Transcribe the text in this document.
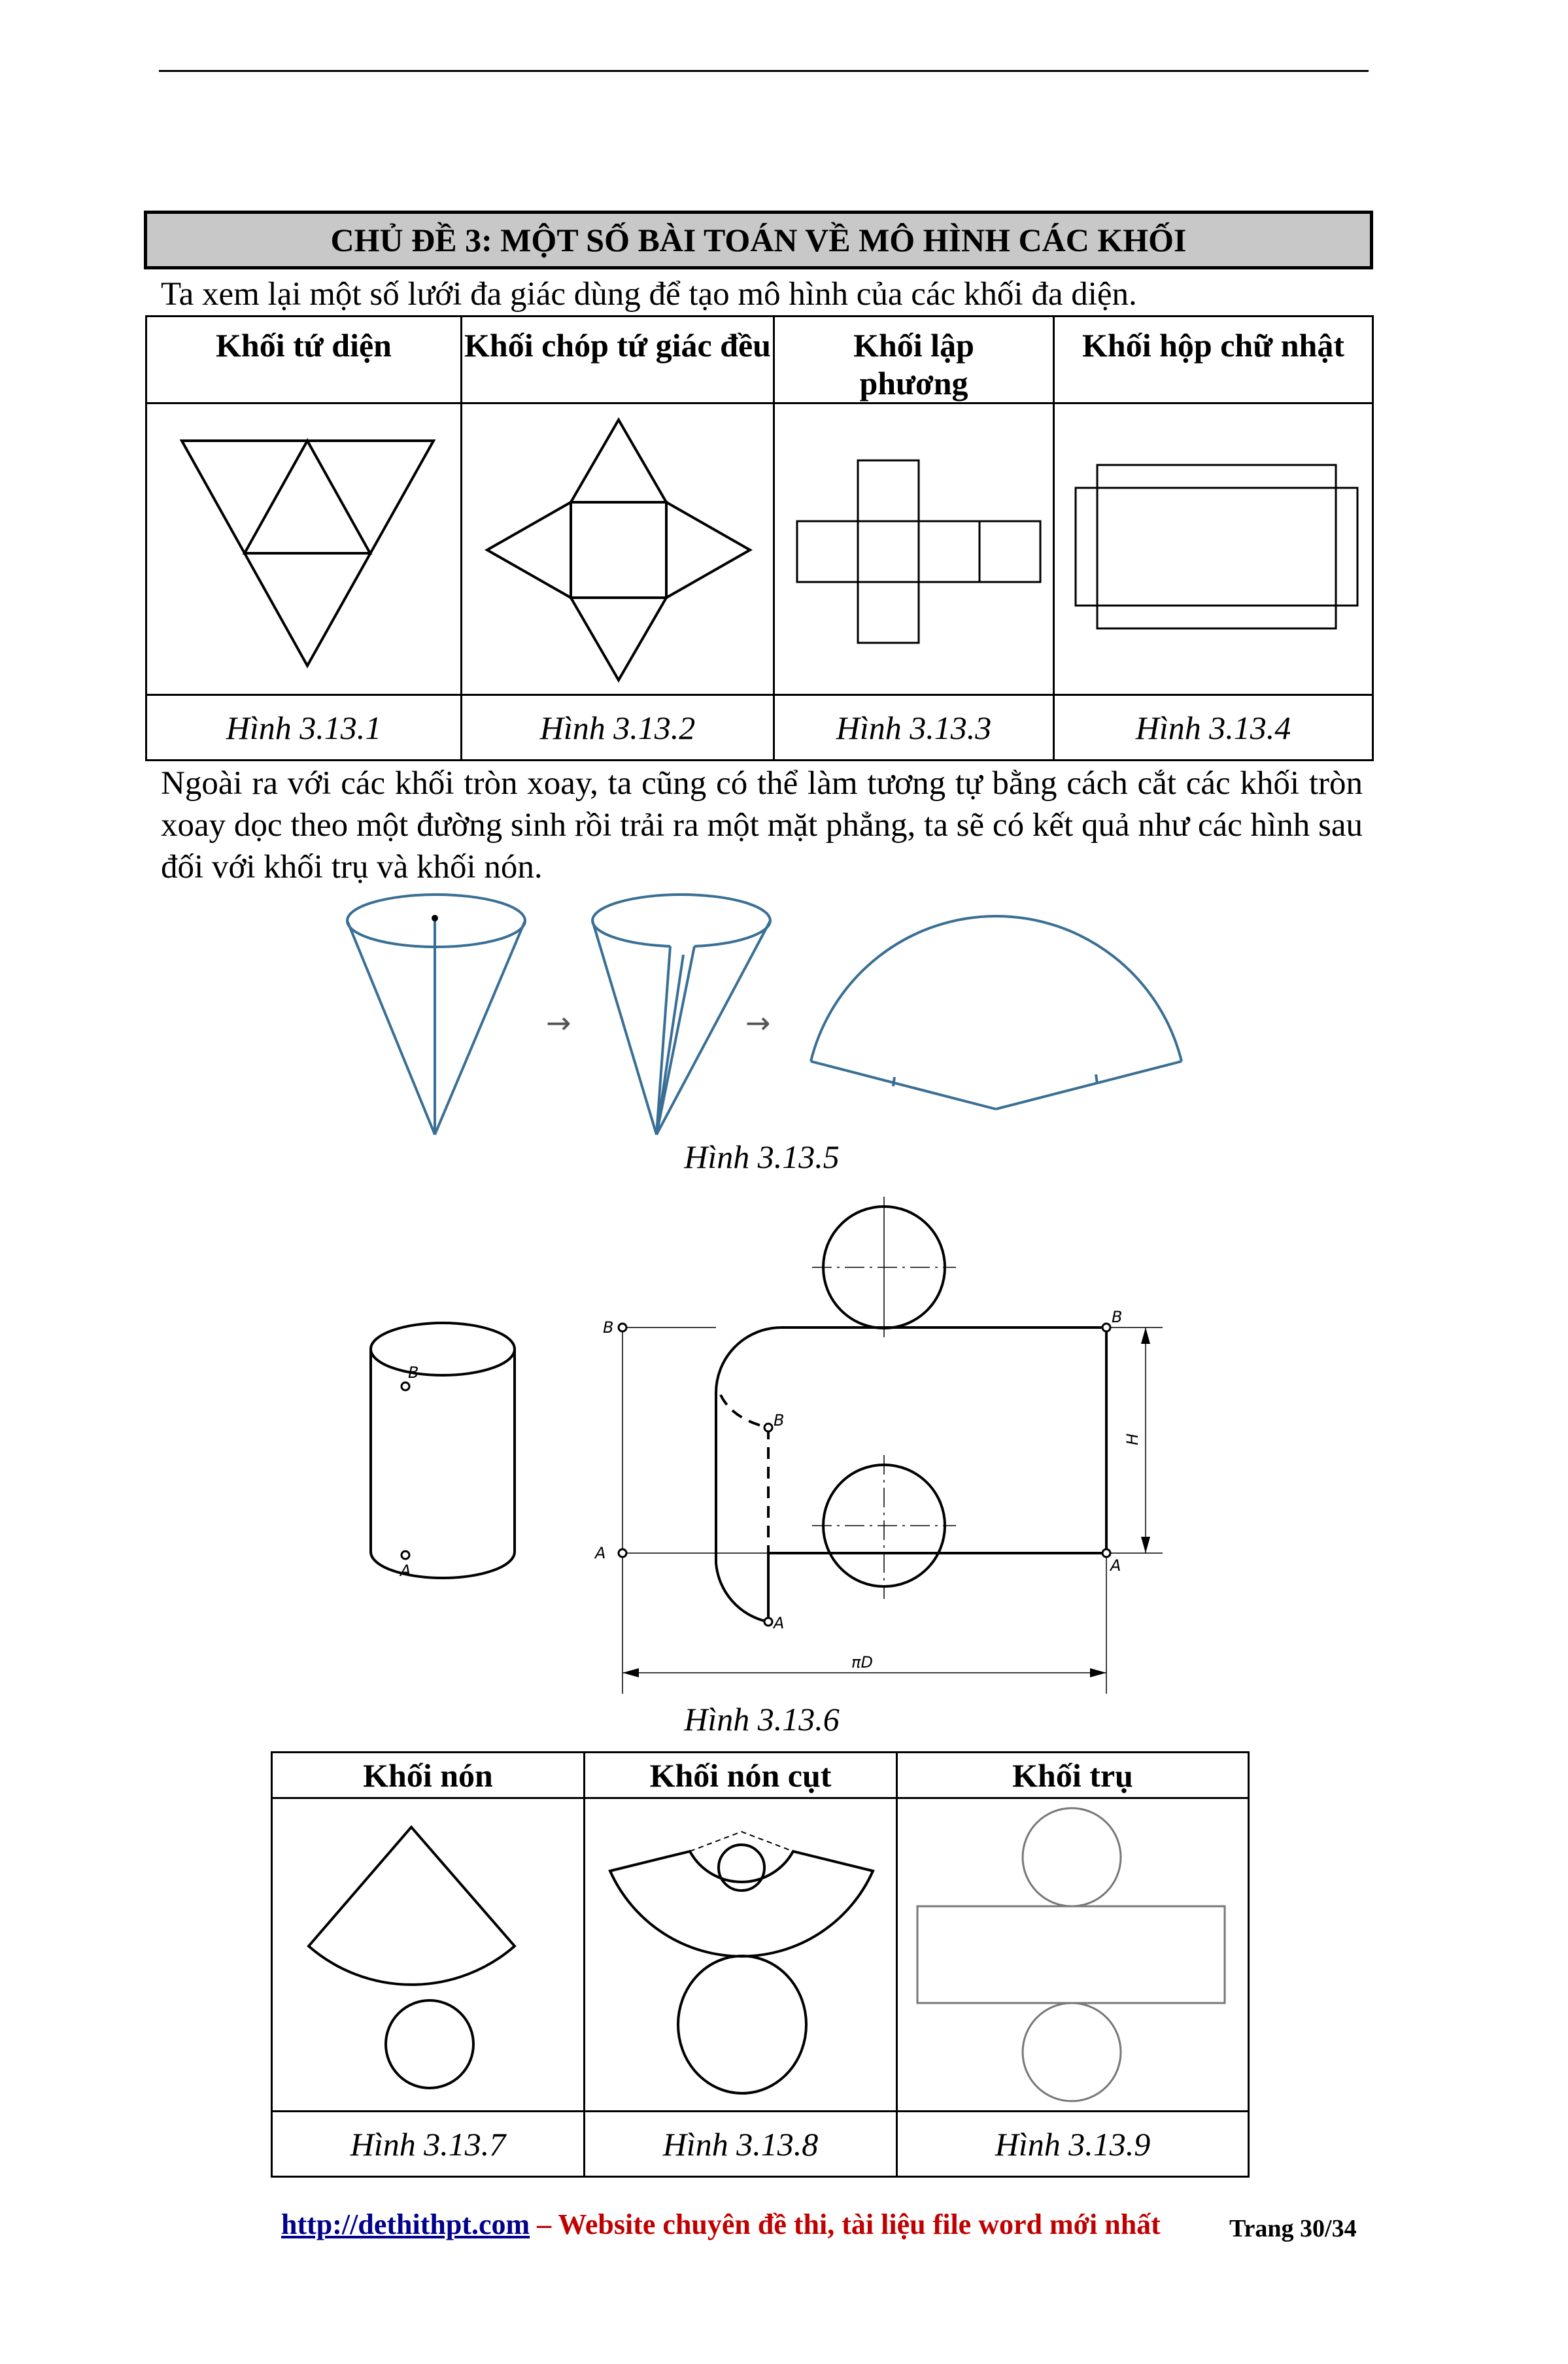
CHỦ ĐỀ 3: MỘT SỐ BÀI TOÁN VỀ MÔ HÌNH CÁC KHỐI
Ta xem lại một số lưới đa giác dùng để tạo mô hình của các khối đa diện.
Khối tứ diện	Khối chóp tứ giác đều	Khối lập phương	Khối hộp chữ nhật

Hình 3.13.1	Hình 3.13.2	Hình 3.13.3	Hình 3.13.4
Ngoài ra với các khối tròn xoay, ta cũng có thể làm tương tự bằng cách cắt các khối tròn xoay dọc theo một đường sinh rồi trải ra một mặt phẳng, ta sẽ có kết quả như các hình sau đối với khối trụ và khối nón.
→	→
Hình 3.13.5
B
A
B
B
B
A
A
A
H
πD
Hình 3.13.6
Khối nón	Khối nón cụt	Khối trụ

Hình 3.13.7	Hình 3.13.8	Hình 3.13.9
http://dethithpt.com – Website chuyên đề thi, tài liệu file word mới nhất	Trang 30/34
